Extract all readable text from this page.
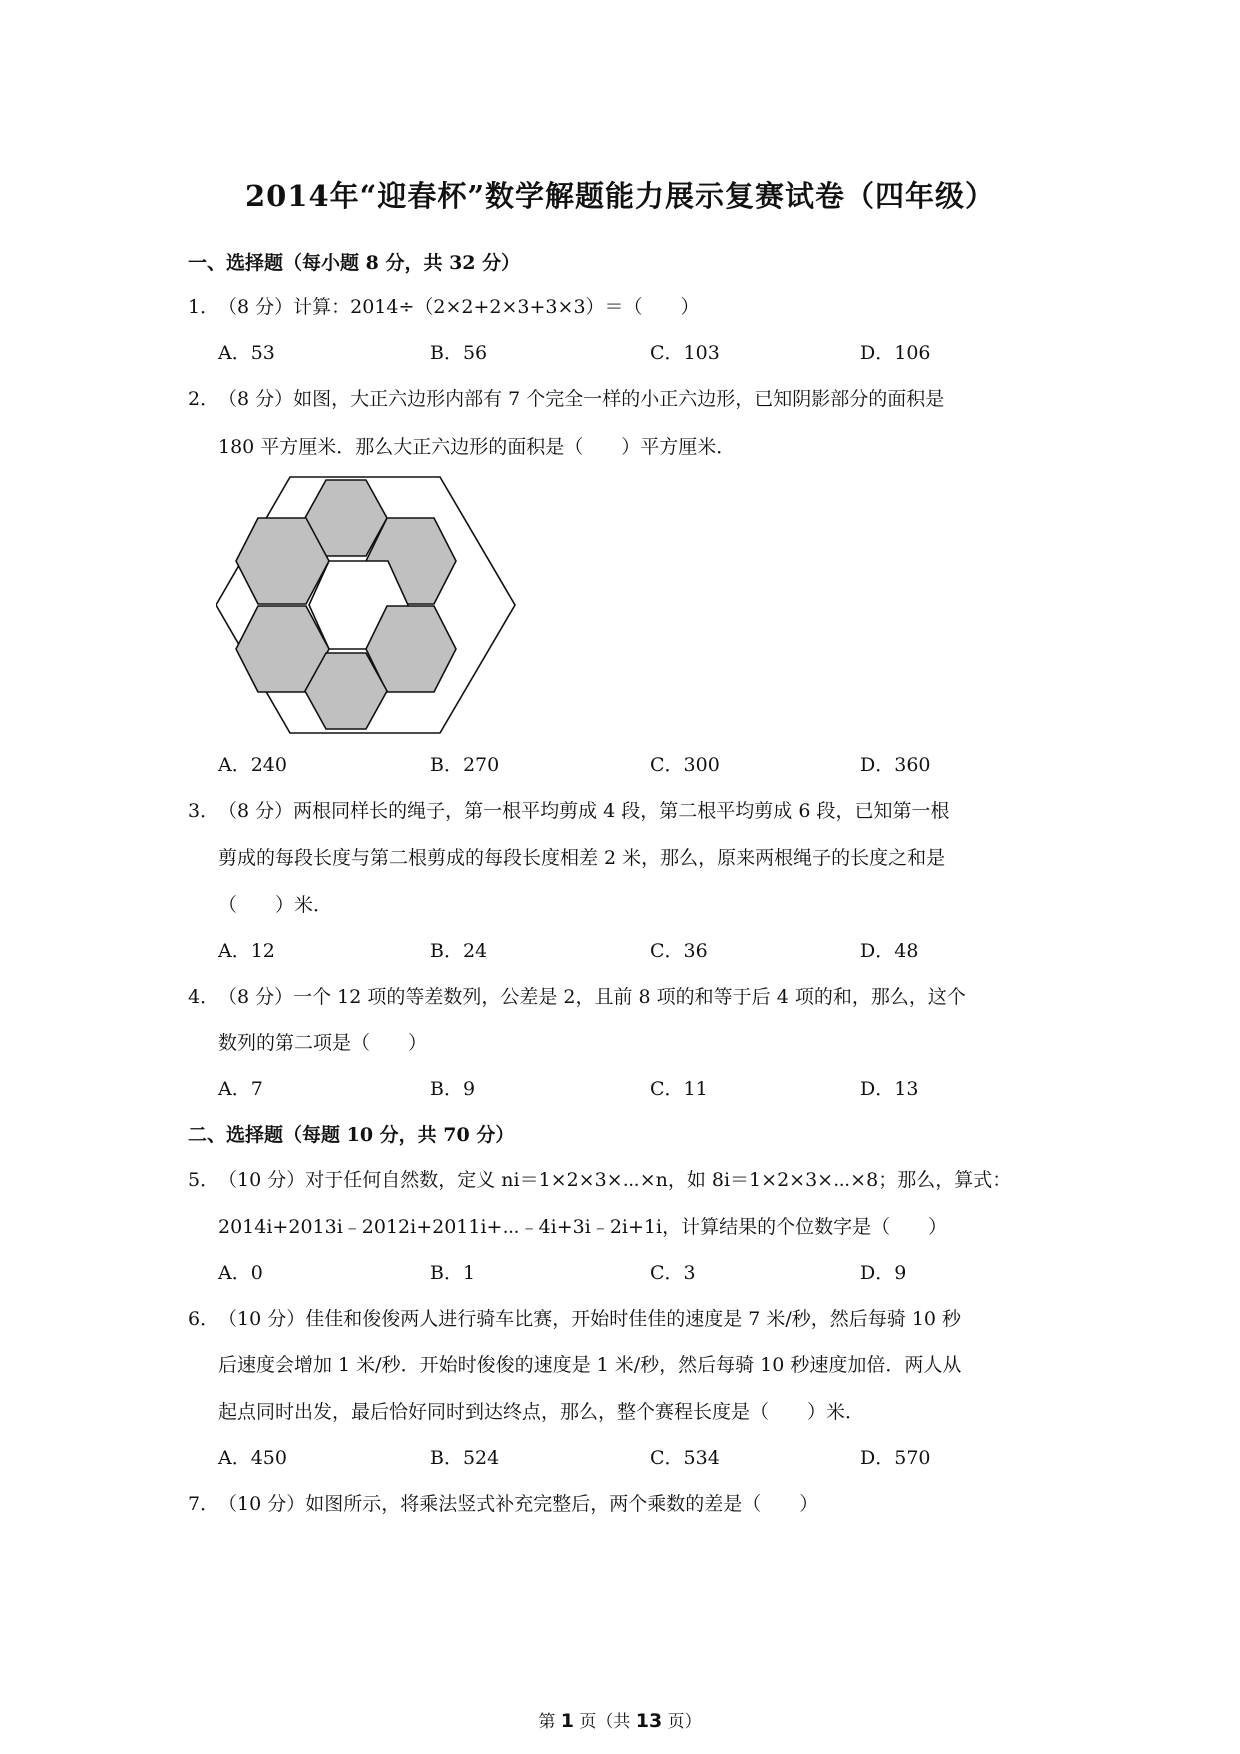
2014年“迎春杯”数学解题能力展示复赛试卷（四年级）
一、选择题（每小题 8 分，共 32 分）
1．（8 分）计算：2014÷（2×2+2×3+3×3）＝（　　）
A．53	B．56	C．103	D．106
2．（8 分）如图，大正六边形内部有 7 个完全一样的小正六边形，已知阴影部分的面积是
180 平方厘米．那么大正六边形的面积是（　　）平方厘米．
A．240	B．270	C．300	D．360
3．（8 分）两根同样长的绳子，第一根平均剪成 4 段，第二根平均剪成 6 段，已知第一根
剪成的每段长度与第二根剪成的每段长度相差 2 米，那么，原来两根绳子的长度之和是
（　　）米．
A．12	B．24	C．36	D．48
4．（8 分）一个 12 项的等差数列，公差是 2，且前 8 项的和等于后 4 项的和，那么，这个
数列的第二项是（　　）
A．7	B．9	C．11	D．13
二、选择题（每题 10 分，共 70 分）
5．（10 分）对于任何自然数，定义 ni＝1×2×3×⋯×n，如 8i＝1×2×3×⋯×8；那么，算式：
2014i+2013i﹣2012i+2011i+⋯﹣4i+3i﹣2i+1i，计算结果的个位数字是（　　）
A．0	B．1	C．3	D．9
6．（10 分）佳佳和俊俊两人进行骑车比赛，开始时佳佳的速度是 7 米/秒，然后每骑 10 秒
后速度会增加 1 米/秒．开始时俊俊的速度是 1 米/秒，然后每骑 10 秒速度加倍．两人从
起点同时出发，最后恰好同时到达终点，那么，整个赛程长度是（　　）米．
A．450	B．524	C．534	D．570
7．（10 分）如图所示，将乘法竖式补充完整后，两个乘数的差是（　　）
第 1 页（共 13 页）
